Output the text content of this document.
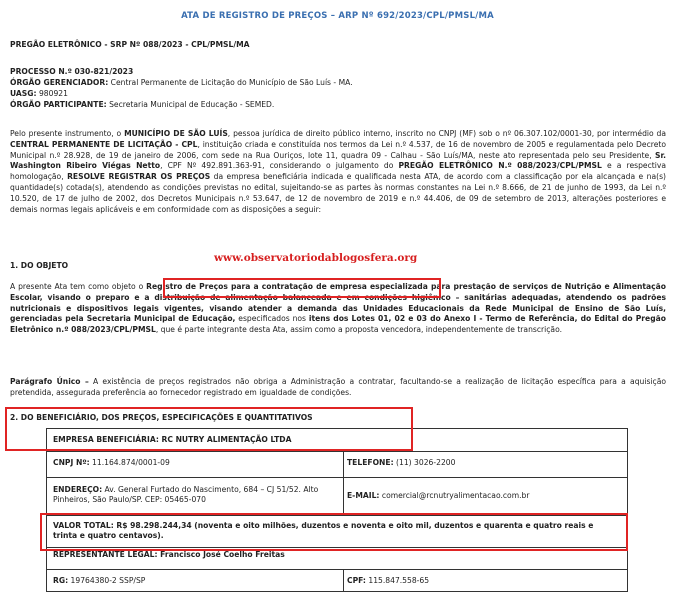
ATA DE REGISTRO DE PREÇOS – ARP Nº 692/2023/CPL/PMSL/MA
PREGÃO ELETRÔNICO - SRP Nº 088/2023 - CPL/PMSL/MA
PROCESSO N.º 030-821/2023
ÓRGÃO GERENCIADOR: Central Permanente de Licitação do Município de São Luís - MA.
UASG: 980921
ÓRGÃO PARTICIPANTE: Secretaria Municipal de Educação - SEMED.
Pelo presente instrumento, o MUNICÍPIO DE SÃO LUÍS, pessoa jurídica de direito público interno, inscrito no CNPJ (MF) sob o nº 06.307.102/0001-30, por intermédio da CENTRAL PERMANENTE DE LICITAÇÃO - CPL, instituição criada e constituída nos termos da Lei n.º 4.537, de 16 de novembro de 2005 e regulamentada pelo Decreto Municipal n.º 28.928, de 19 de janeiro de 2006, com sede na Rua Ouriços, lote 11, quadra 09 - Calhau - São Luís/MA, neste ato representada pelo seu Presidente, Sr. Washington Ribeiro Viégas Netto, CPF Nº 492.891.363-91, considerando o julgamento do PREGÃO ELETRÔNICO N.º 088/2023/CPL/PMSL e a respectiva homologação, RESOLVE REGISTRAR OS PREÇOS da empresa beneficiária indicada e qualificada nesta ATA, de acordo com a classificação por ela alcançada e na(s) quantidade(s) cotada(s), atendendo as condições previstas no edital, sujeitando-se as partes às normas constantes na Lei n.º 8.666, de 21 de junho de 1993, da Lei n.º 10.520, de 17 de julho de 2002, dos Decretos Municipais n.º 53.647, de 12 de novembro de 2019 e n.º 44.406, de 09 de setembro de 2013, alterações posteriores e demais normas legais aplicáveis e em conformidade com as disposições a seguir:
1. DO OBJETO
www.observatoriodablogosfera.org
A presente Ata tem como objeto o Registro de Preços para a contratação de empresa especializada para prestação de serviços de Nutrição e Alimentação Escolar, visando o preparo e a distribuição de alimentação balanceada e em condições higiênico – sanitárias adequadas, atendendo os padrões nutricionais e dispositivos legais vigentes, visando atender a demanda das Unidades Educacionais da Rede Municipal de Ensino de São Luís, gerenciadas pela Secretaria Municipal de Educação, especificados nos itens dos Lotes 01, 02 e 03 do Anexo I - Termo de Referência, do Edital do Pregão Eletrônico n.º 088/2023/CPL/PMSL, que é parte integrante desta Ata, assim como a proposta vencedora, independentemente de transcrição.
Parágrafo Único – A existência de preços registrados não obriga a Administração a contratar, facultando-se a realização de licitação específica para a aquisição pretendida, assegurada preferência ao fornecedor registrado em igualdade de condições.
2. DO BENEFICIÁRIO, DOS PREÇOS, ESPECIFICAÇÕES E QUANTITATIVOS
EMPRESA BENEFICIÁRIA: RC NUTRY ALIMENTAÇÃO LTDA
CNPJ Nº: 11.164.874/0001-09	TELEFONE: (11) 3026-2200
ENDEREÇO: Av. General Furtado do Nascimento, 684 – CJ 51/52. Alto Pinheiros, São Paulo/SP. CEP: 05465-070	E-MAIL: comercial@rcnutryalimentacao.com.br
VALOR TOTAL: R$ 98.298.244,34 (noventa e oito milhões, duzentos e noventa e oito mil, duzentos e quarenta e quatro reais e trinta e quatro centavos).
REPRESENTANTE LEGAL: Francisco José Coelho Freitas
RG: 19764380-2 SSP/SP	CPF: 115.847.558-65
